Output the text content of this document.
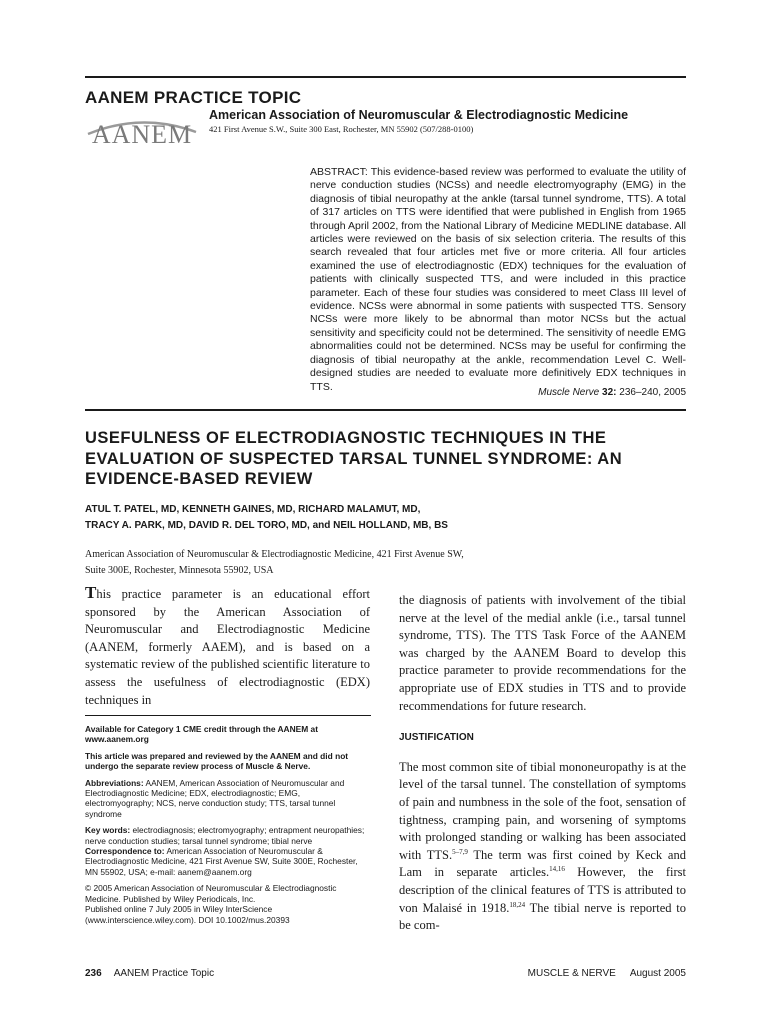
AANEM PRACTICE TOPIC
AANEM
American Association of Neuromuscular & Electrodiagnostic Medicine
421 First Avenue S.W., Suite 300 East, Rochester, MN 55902 (507/288-0100)
ABSTRACT: This evidence-based review was performed to evaluate the utility of nerve conduction studies (NCSs) and needle electromyography (EMG) in the diagnosis of tibial neuropathy at the ankle (tarsal tunnel syndrome, TTS). A total of 317 articles on TTS were identified that were published in English from 1965 through April 2002, from the National Library of Medicine MEDLINE database. All articles were reviewed on the basis of six selection criteria. The results of this search revealed that four articles met five or more criteria. All four articles examined the use of electrodiagnostic (EDX) techniques for the evaluation of patients with clinically suspected TTS, and were included in this practice parameter. Each of these four studies was considered to meet Class III level of evidence. NCSs were abnormal in some patients with suspected TTS. Sensory NCSs were more likely to be abnormal than motor NCSs but the actual sensitivity and specificity could not be determined. The sensitivity of needle EMG abnormalities could not be determined. NCSs may be useful for confirming the diagnosis of tibial neuropathy at the ankle, recommendation Level C. Well-designed studies are needed to evaluate more definitively EDX techniques in TTS.	Muscle Nerve 32: 236–240, 2005
USEFULNESS OF ELECTRODIAGNOSTIC TECHNIQUES IN THE EVALUATION OF SUSPECTED TARSAL TUNNEL SYNDROME: AN EVIDENCE-BASED REVIEW
ATUL T. PATEL, MD, KENNETH GAINES, MD, RICHARD MALAMUT, MD,
TRACY A. PARK, MD, DAVID R. DEL TORO, MD, and NEIL HOLLAND, MB, BS
American Association of Neuromuscular & Electrodiagnostic Medicine, 421 First Avenue SW,
Suite 300E, Rochester, Minnesota 55902, USA
This practice parameter is an educational effort sponsored by the American Association of Neuromuscular and Electrodiagnostic Medicine (AANEM, formerly AAEM), and is based on a systematic review of the published scientific literature to assess the usefulness of electrodiagnostic (EDX) techniques in

Available for Category 1 CME credit through the AANEM at www.aanem.org

This article was prepared and reviewed by the AANEM and did not undergo the separate review process of Muscle & Nerve.

Abbreviations: AANEM, American Association of Neuromuscular and Electrodiagnostic Medicine; EDX, electrodiagnostic; EMG, electromyography; NCS, nerve conduction study; TTS, tarsal tunnel syndrome

Key words: electrodiagnosis; electromyography; entrapment neuropathies; nerve conduction studies; tarsal tunnel syndrome; tibial nerve

Correspondence to: American Association of Neuromuscular & Electrodiagnostic Medicine, 421 First Avenue SW, Suite 300E, Rochester, MN 55902, USA; e-mail: aanem@aanem.org

© 2005 American Association of Neuromuscular & Electrodiagnostic Medicine. Published by Wiley Periodicals, Inc.

Published online 7 July 2005 in Wiley InterScience (www.interscience.wiley.com). DOI 10.1002/mus.20393

the diagnosis of patients with involvement of the tibial nerve at the level of the medial ankle (i.e., tarsal tunnel syndrome, TTS). The TTS Task Force of the AANEM was charged by the AANEM Board to develop this practice parameter to provide recommendations for the appropriate use of EDX studies in TTS and to provide recommendations for future research.

JUSTIFICATION

The most common site of tibial mononeuropathy is at the level of the tarsal tunnel. The constellation of symptoms of pain and numbness in the sole of the foot, sensation of tightness, cramping pain, and worsening of symptoms with prolonged standing or walking has been associated with TTS.$^{5-7,9}$ The term was first coined by Keck and Lam in separate articles.$^{14,16}$ However, the first description of the clinical features of TTS is attributed to von Malaisé in 1918.$^{18,24}$ The tibial nerve is reported to be com-

236 AANEM Practice Topic	MUSCLE & NERVE August 2005
